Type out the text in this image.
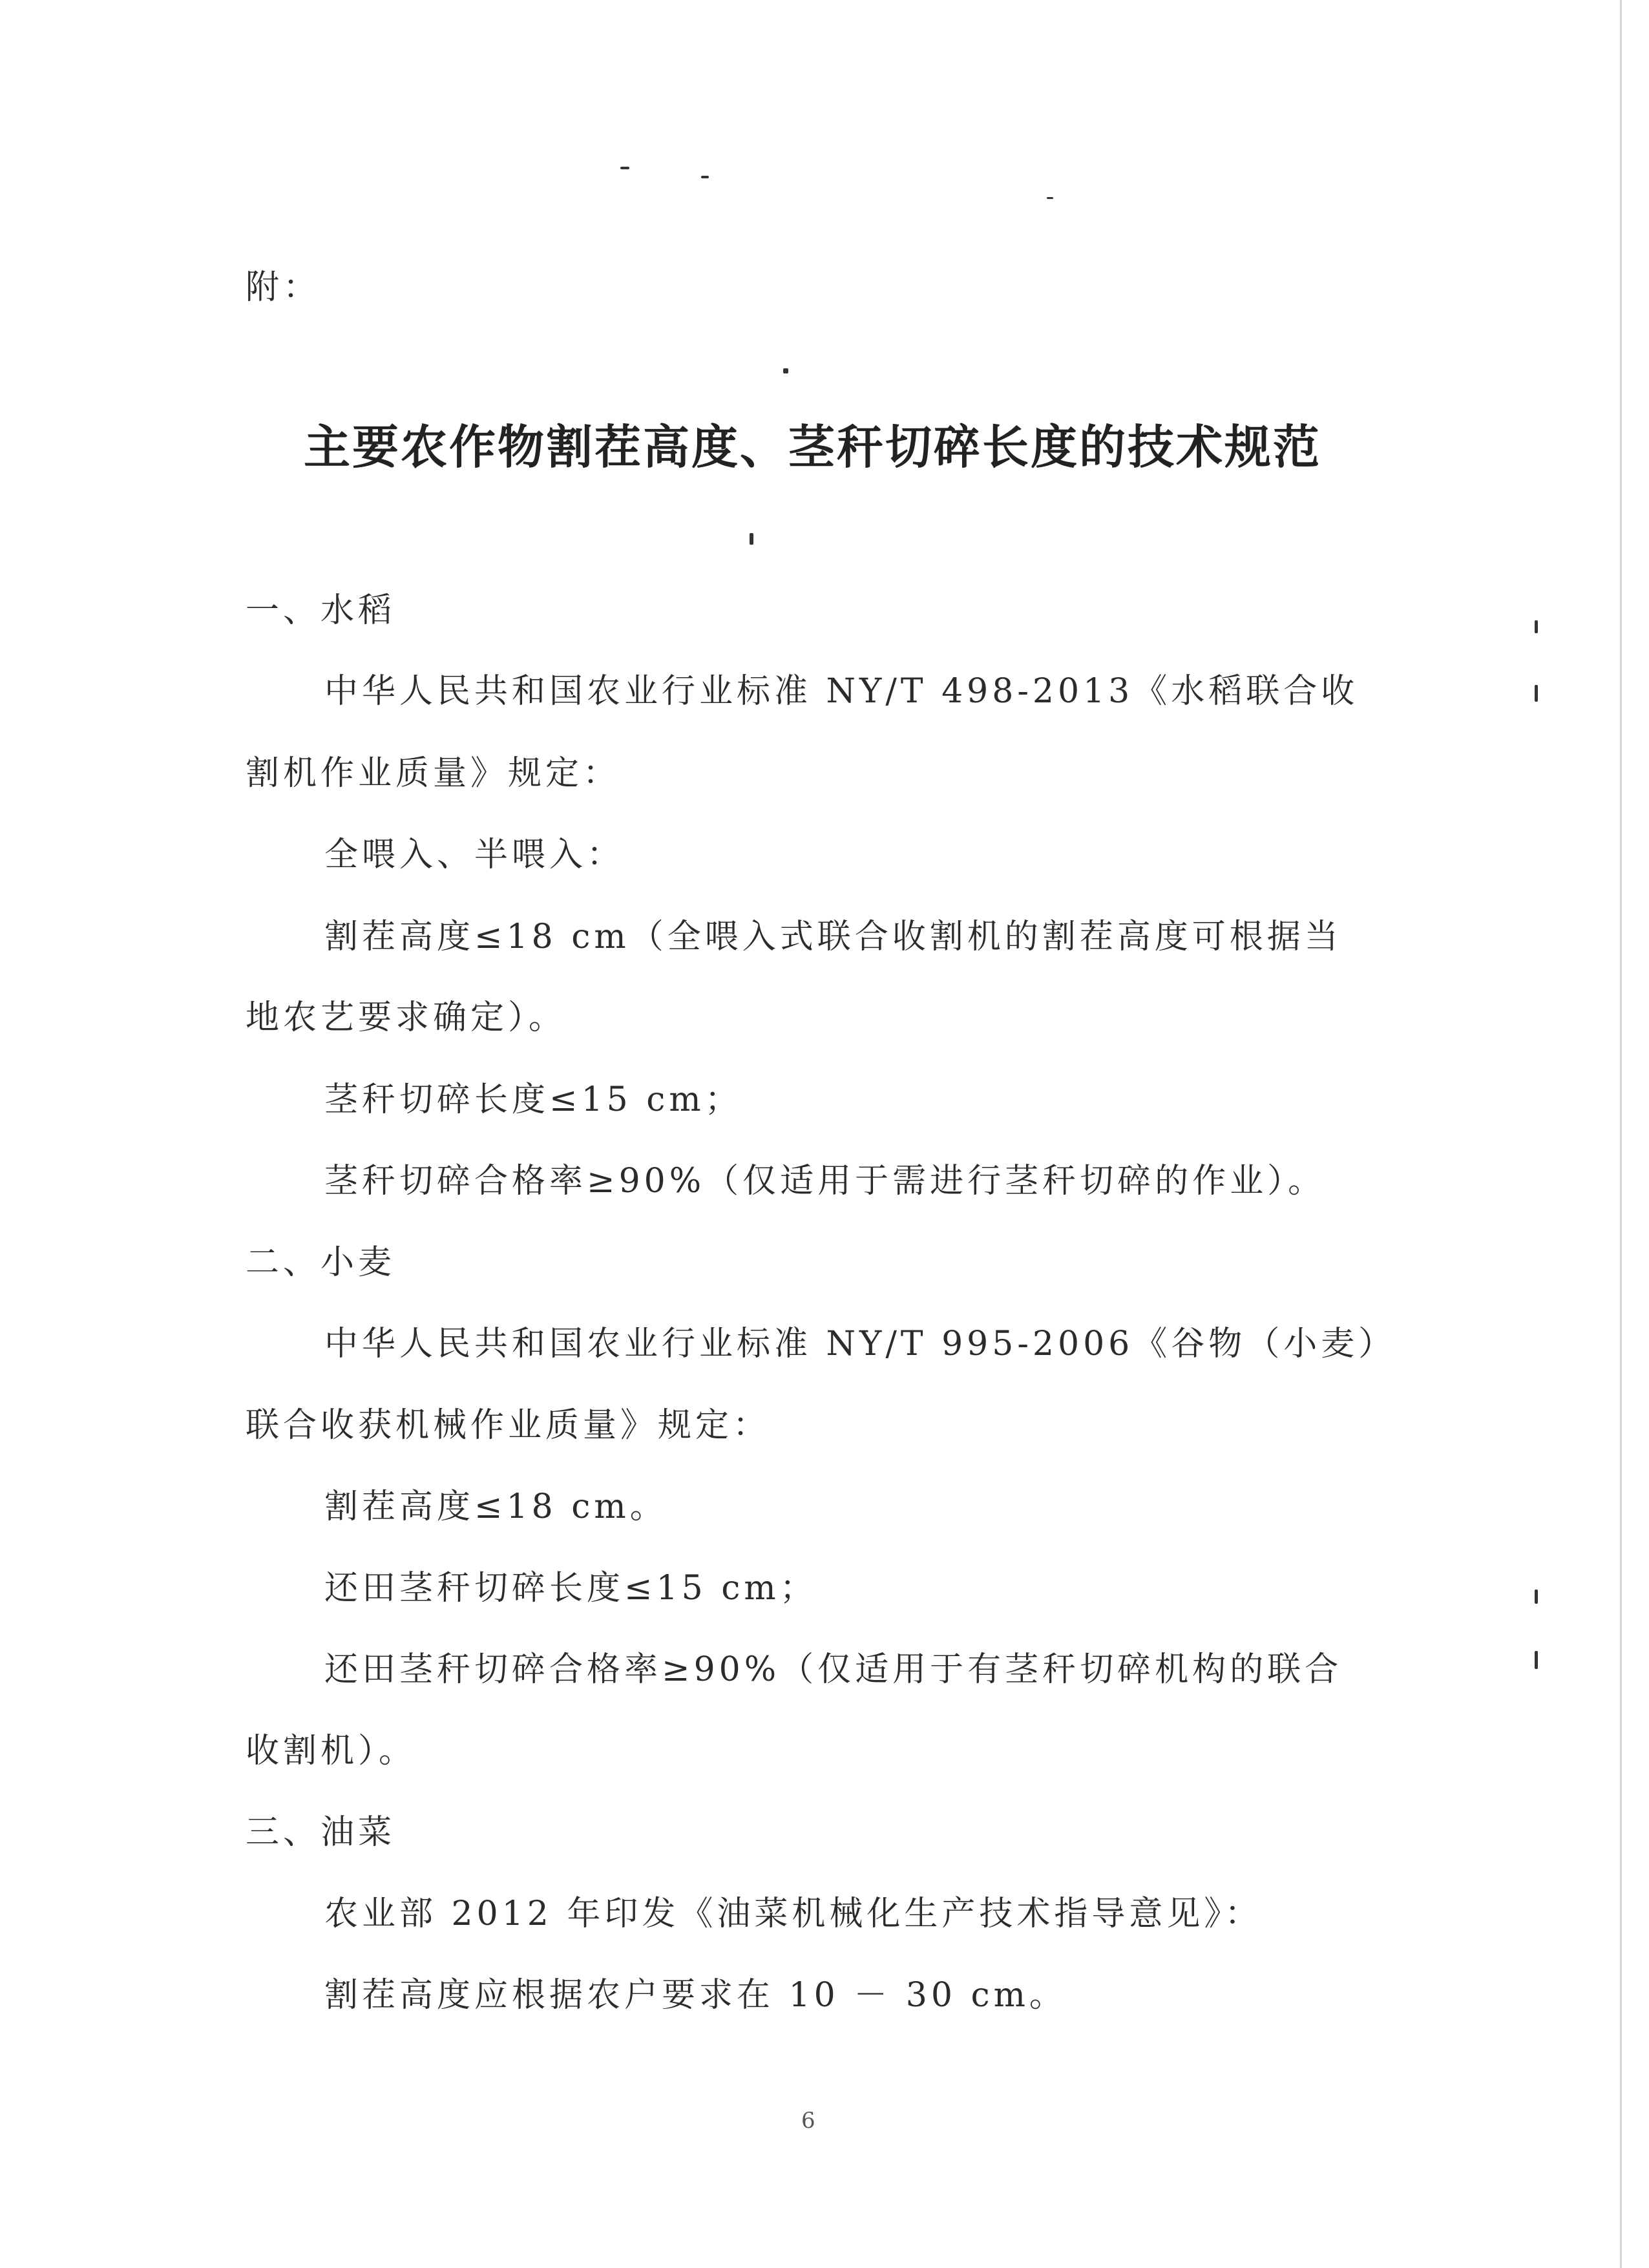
附：
主要农作物割茬高度、茎秆切碎长度的技术规范
一、水稻
中华人民共和国农业行业标准 NY/T 498-2013《水稻联合收
割机作业质量》规定：
全喂入、半喂入：
割茬高度≤18 cm（全喂入式联合收割机的割茬高度可根据当
地农艺要求确定）。
茎秆切碎长度≤15 cm；
茎秆切碎合格率≥90%（仅适用于需进行茎秆切碎的作业）。
二、小麦
中华人民共和国农业行业标准 NY/T 995-2006《谷物（小麦）
联合收获机械作业质量》规定：
割茬高度≤18 cm。
还田茎秆切碎长度≤15 cm；
还田茎秆切碎合格率≥90%（仅适用于有茎秆切碎机构的联合
收割机）。
三、油菜
农业部 2012 年印发《油菜机械化生产技术指导意见》：
割茬高度应根据农户要求在 10 － 30 cm。
6
